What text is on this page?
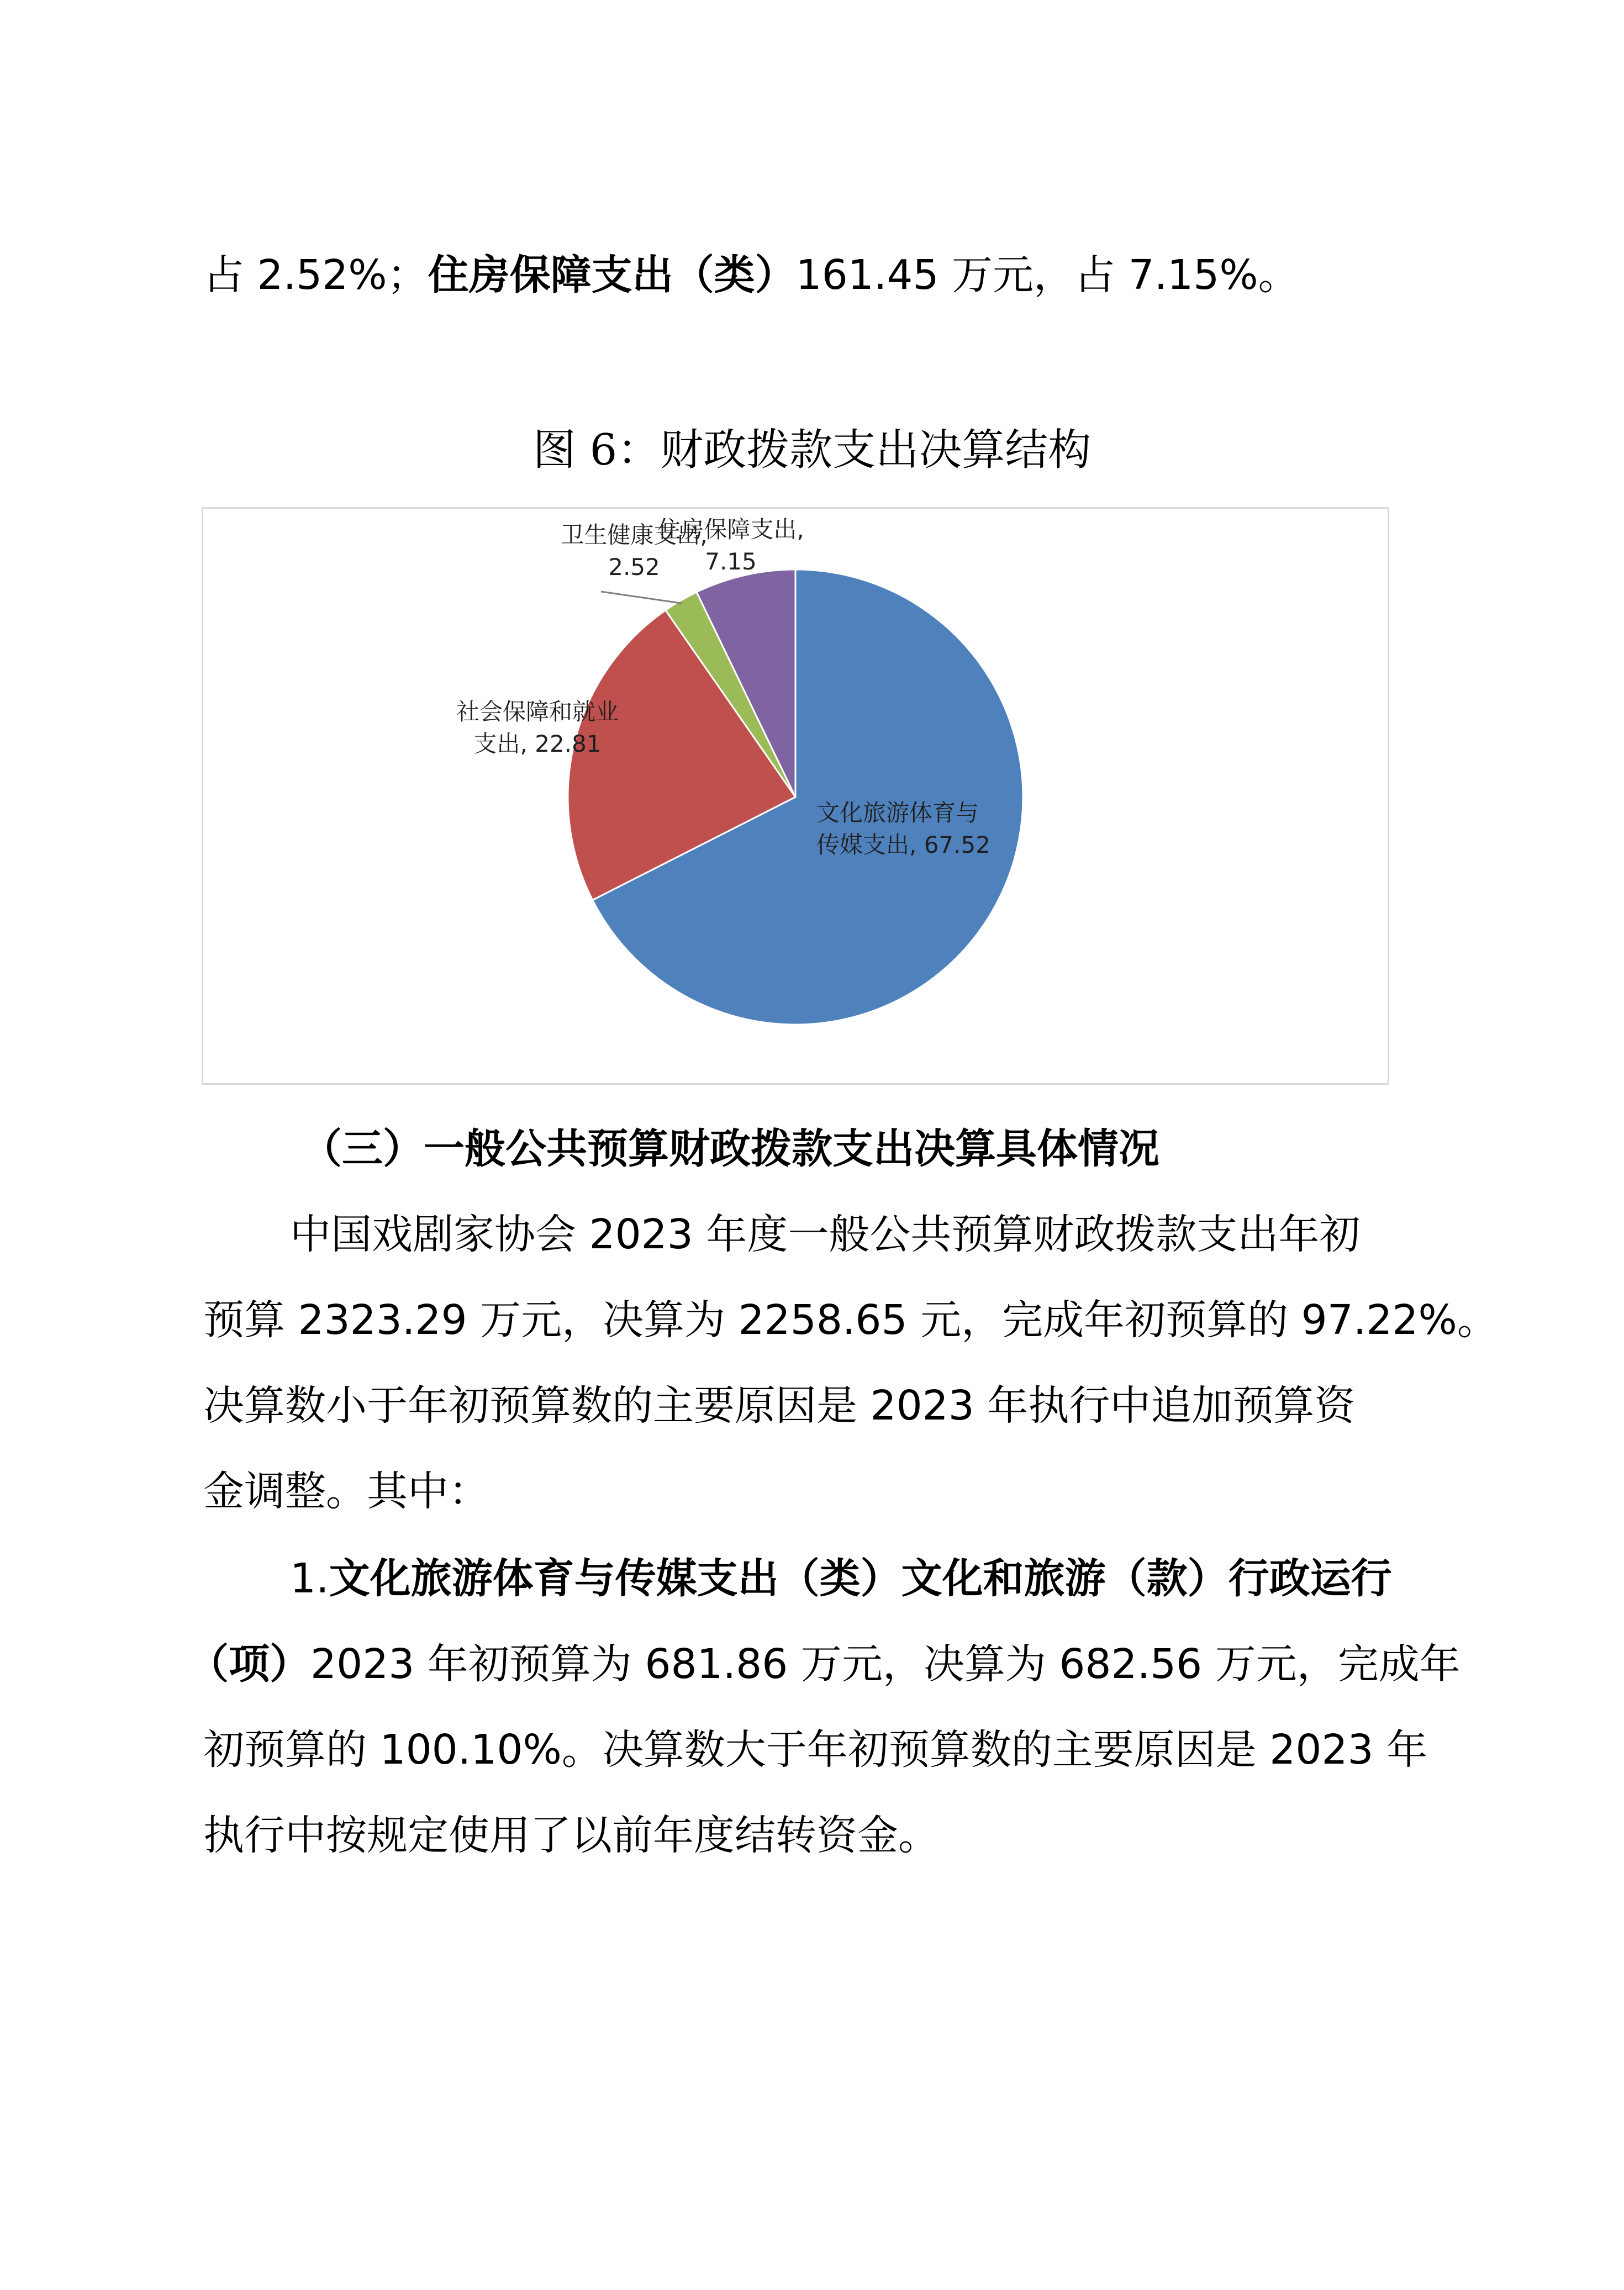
占 2.52%；住房保障支出（类）161.45 万元，占 7.15%。

图 6：财政拨款支出决算结构
文化旅游体育与传媒支出, 67.52
社会保障和就业支出, 22.81
卫生健康支出, 2.52
住房保障支出, 7.15

（三）一般公共预算财政拨款支出决算具体情况

中国戏剧家协会 2023 年度一般公共预算财政拨款支出年初

预算 2323.29 万元，决算为 2258.65 元，完成年初预算的 97.22%。

决算数小于年初预算数的主要原因是 2023 年执行中追加预算资

金调整。其中：

1.文化旅游体育与传媒支出（类）文化和旅游（款）行政运行

（项）2023 年初预算为 681.86 万元，决算为 682.56 万元，完成年

初预算的 100.10%。决算数大于年初预算数的主要原因是 2023 年

执行中按规定使用了以前年度结转资金。
